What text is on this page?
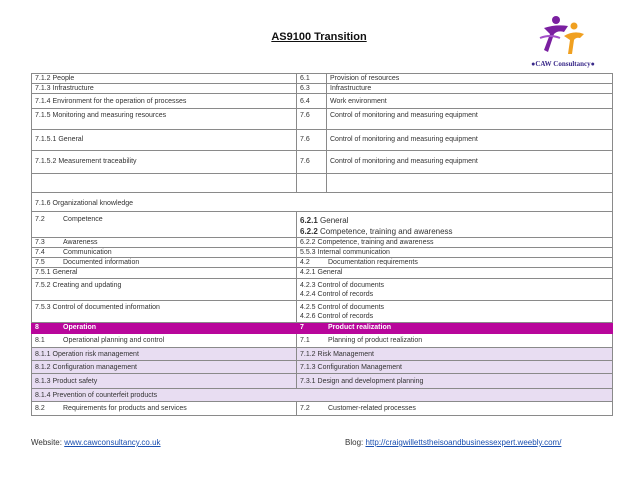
AS9100 Transition
●CAW Consultancy●
7.1.2 People	6.1	Provision of resources
7.1.3 Infrastructure	6.3	Infrastructure
7.1.4 Environment for the operation of processes	6.4	Work environment
7.1.5 Monitoring and measuring resources	7.6	Control of monitoring and measuring equipment
7.1.5.1 General	7.6	Control of monitoring and measuring equipment
7.1.5.2 Measurement traceability	7.6	Control of monitoring and measuring equipment

7.1.6 Organizational knowledge		
7.2 Competence	6.2.1 General
6.2.2 Competence, training and awareness	

7.3 Awareness	6.2.2 Competence, training and awareness	
7.4 Communication	5.5.3 Internal communication	
7.5 Documented information	4.2 Documentation requirements	
7.5.1 General	4.2.1 General	
7.5.2 Creating and updating	4.2.3 Control of documents
4.2.4 Control of records	

7.5.3 Control of documented information	4.2.5 Control of documents
4.2.6 Control of records	

8 Operation	7 Product realization	
8.1 Operational planning and control	7.1 Planning of product realization	
8.1.1 Operation risk management	7.1.2 Risk Management	
8.1.2 Configuration management	7.1.3 Configuration Management	
8.1.3 Product safety	7.3.1 Design and development planning	
8.1.4 Prevention of counterfeit products		
8.2 Requirements for products and services	7.2 Customer-related processes	
Website: www.cawconsultancy.co.uk	Blog: http://craigwillettstheisoandbusinessexpert.weebly.com/
